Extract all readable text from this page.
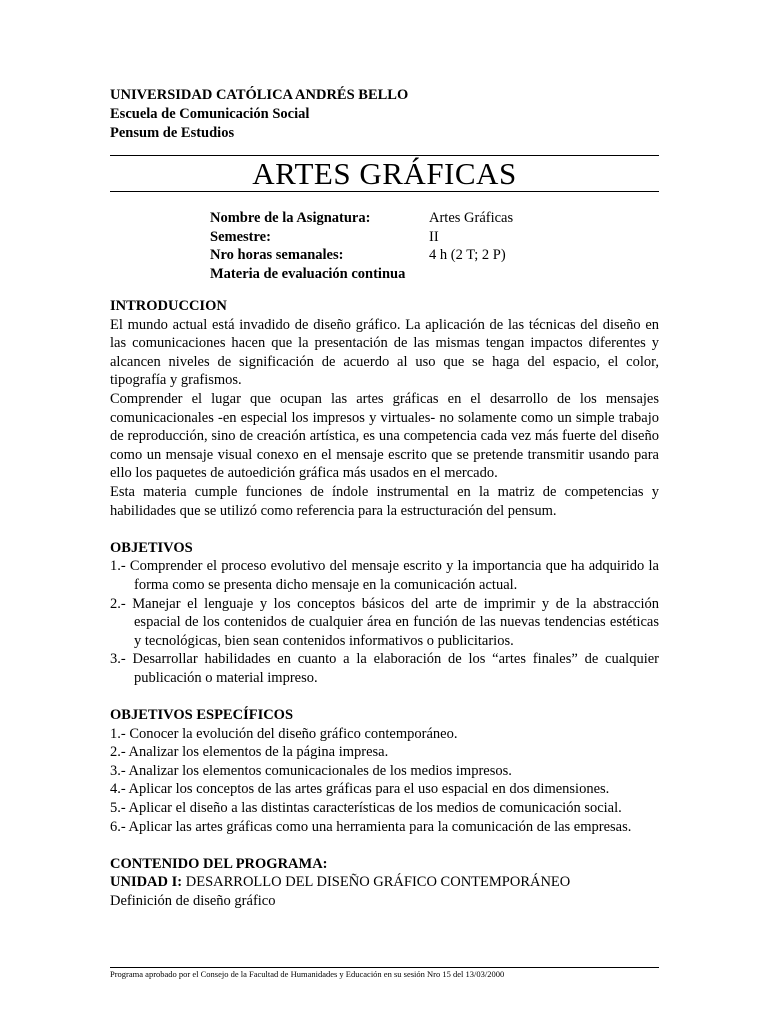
UNIVERSIDAD CATÓLICA ANDRÉS BELLO
Escuela de Comunicación Social
Pensum de Estudios
ARTES GRÁFICAS
Nombre de la Asignatura:	Artes Gráficas
Semestre:	II
Nro horas semanales:	4 h (2 T; 2 P)
Materia de evaluación continua
INTRODUCCION

El mundo actual está invadido de diseño gráfico. La aplicación de las técnicas del diseño en las comunicaciones hacen que la presentación de las mismas tengan impactos diferentes y alcancen niveles de significación de acuerdo al uso que se haga del espacio, el color, tipografía y grafismos.

Comprender el lugar que ocupan las artes gráficas en el desarrollo de los mensajes comunicacionales -en especial los impresos y virtuales- no solamente como un simple trabajo de reproducción, sino de creación artística, es una competencia cada vez más fuerte del diseño como un mensaje visual conexo en el mensaje escrito que se pretende transmitir usando para ello los paquetes de autoedición gráfica más usados en el mercado.

Esta materia cumple funciones de índole instrumental en la matriz de competencias y habilidades que se utilizó como referencia para la estructuración del pensum.

OBJETIVOS

1.- Comprender el proceso evolutivo del mensaje escrito y la importancia que ha adquirido la forma como se presenta dicho mensaje en la comunicación actual.

2.- Manejar el lenguaje y los conceptos básicos del arte de imprimir y de la abstracción espacial de los contenidos de cualquier área en función de las nuevas tendencias estéticas y tecnológicas, bien sean contenidos informativos o publicitarios.

3.- Desarrollar habilidades en cuanto a la elaboración de los “artes finales” de cualquier publicación o material impreso.

OBJETIVOS ESPECÍFICOS

1.- Conocer la evolución del diseño gráfico contemporáneo.

2.- Analizar los elementos de la página impresa.

3.- Analizar los elementos comunicacionales de los medios impresos.

4.- Aplicar los conceptos de las artes gráficas para el uso espacial en dos dimensiones.

5.- Aplicar el diseño a las distintas características de los medios de comunicación social.

6.- Aplicar las artes gráficas como una herramienta para la comunicación de las empresas.

CONTENIDO DEL PROGRAMA:
UNIDAD I: DESARROLLO DEL DISEÑO GRÁFICO CONTEMPORÁNEO
Definición de diseño gráfico
Programa aprobado por el Consejo de la Facultad de Humanidades y Educación en su sesión Nro 15 del 13/03/2000
